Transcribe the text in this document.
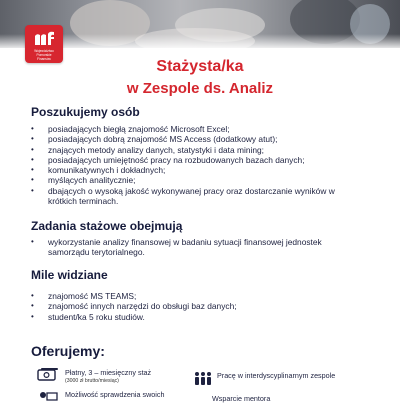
Województwo
Pomorskie
Finansów	Stażysta/ka
w Zespole ds. Analiz
Poszukujemy osób
• posiadających biegłą znajomość Microsoft Excel;
• posiadających dobrą znajomość MS Access (dodatkowy atut);
• znających metody analizy danych, statystyki i data mining;
• posiadających umiejętność pracy na rozbudowanych bazach danych;
• komunikatywnych i dokładnych;
• myślących analitycznie;
• dbających o wysoką jakość wykonywanej pracy oraz dostarczanie wyników w krótkich terminach.
Zadania stażowe obejmują
• wykorzystanie analizy finansowej w badaniu sytuacji finansowej jednostek samorządu terytorialnego.
Mile widziane
• znajomość MS TEAMS;
• znajomość innych narzędzi do obsługi baz danych;
• student/ka 5 roku studiów.
Oferujemy:
Płatny, 3 – miesięczny staż
(3000 zł brutto/miesiąc)
Pracę w interdyscyplinarnym zespole
Możliwość sprawdzenia swoich	Wsparcie mentora
